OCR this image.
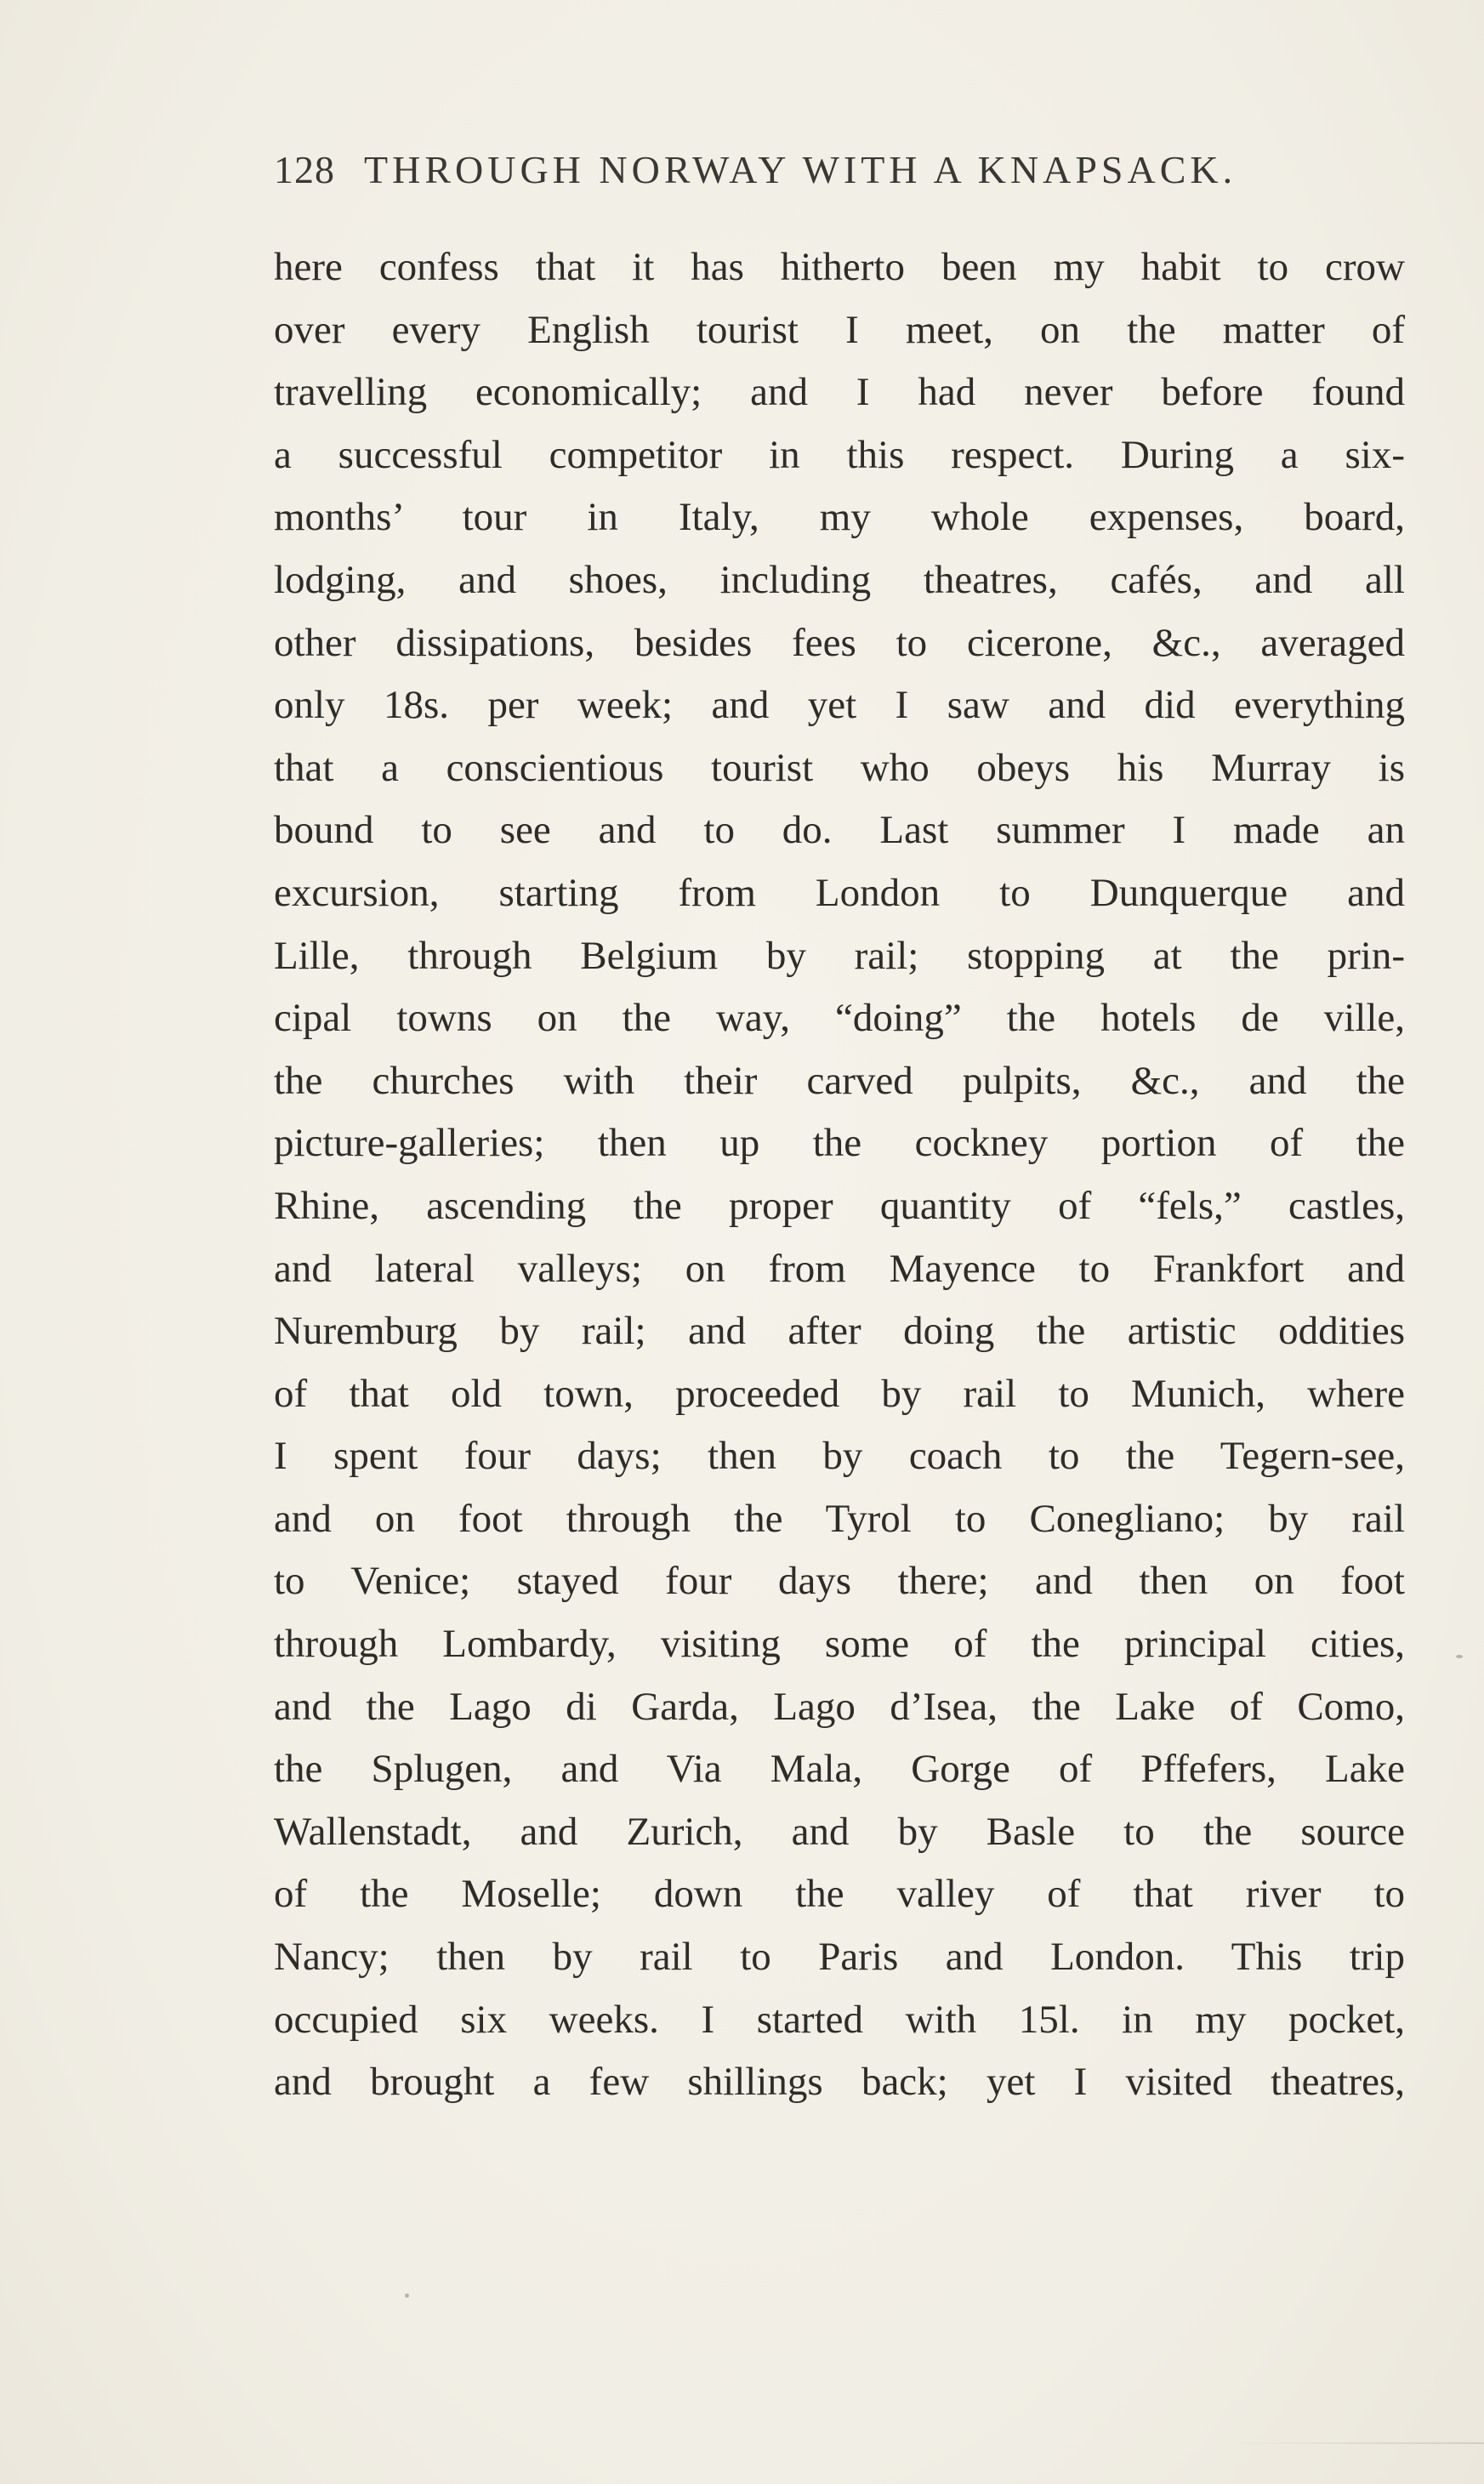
128 THROUGH NORWAY WITH A KNAPSACK.
here confess that it has hitherto been my habit to crow
over every English tourist I meet, on the matter of
travelling economically; and I had never before found
a successful competitor in this respect. During a six-
months’ tour in Italy, my whole expenses, board,
lodging, and shoes, including theatres, cafés, and all
other dissipations, besides fees to cicerone, &c., averaged
only 18s. per week; and yet I saw and did everything
that a conscientious tourist who obeys his Murray is
bound to see and to do. Last summer I made an
excursion, starting from London to Dunquerque and
Lille, through Belgium by rail; stopping at the prin-
cipal towns on the way, “doing” the hotels de ville,
the churches with their carved pulpits, &c., and the
picture-galleries; then up the cockney portion of the
Rhine, ascending the proper quantity of “fels,” castles,
and lateral valleys; on from Mayence to Frankfort and
Nuremburg by rail; and after doing the artistic oddities
of that old town, proceeded by rail to Munich, where
I spent four days; then by coach to the Tegern-see,
and on foot through the Tyrol to Conegliano; by rail
to Venice; stayed four days there; and then on foot
through Lombardy, visiting some of the principal cities,
and the Lago di Garda, Lago d’Isea, the Lake of Como,
the Splugen, and Via Mala, Gorge of Pffefers, Lake
Wallenstadt, and Zurich, and by Basle to the source
of the Moselle; down the valley of that river to
Nancy; then by rail to Paris and London. This trip
occupied six weeks. I started with 15l. in my pocket,
and brought a few shillings back; yet I visited theatres,
